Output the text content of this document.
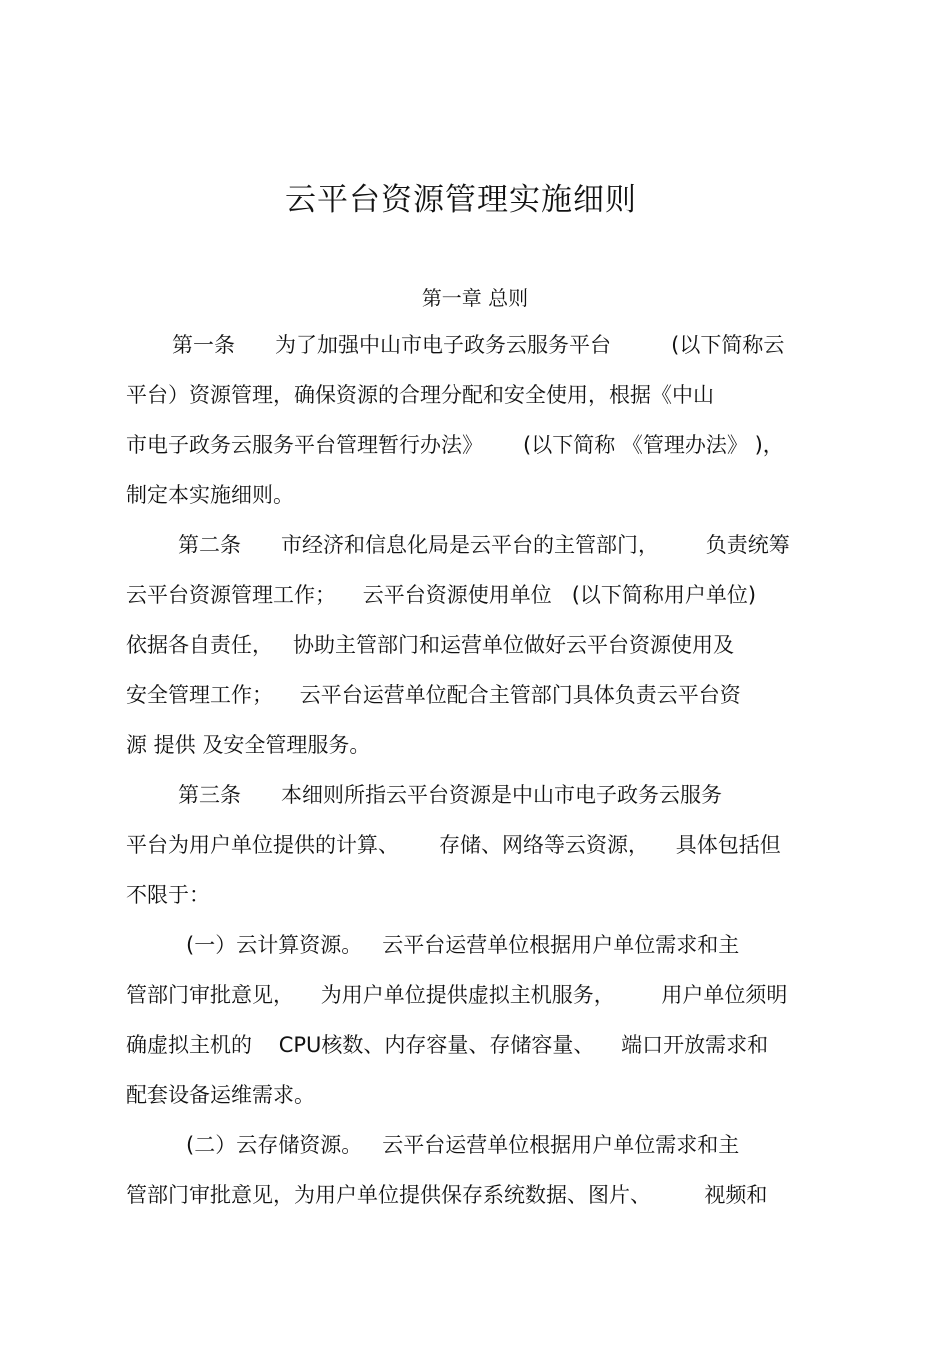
云平台资源管理实施细则
第一章 总则
第一条      为了加强中山市电子政务云服务平台         (以下简称云
平台）资源管理，确保资源的合理分配和安全使用，根据《中山
市电子政务云服务平台管理暂行办法》      (以下简称 《管理办法》 )，
制定本实施细则。
第二条      市经济和信息化局是云平台的主管部门，       负责统筹
云平台资源管理工作；    云平台资源使用单位   (以下简称用户单位)
依据各自责任，   协助主管部门和运营单位做好云平台资源使用及
安全管理工作；    云平台运营单位配合主管部门具体负责云平台资
源 提供 及安全管理服务。
第三条      本细则所指云平台资源是中山市电子政务云服务
平台为用户单位提供的计算、      存储、网络等云资源，    具体包括但
不限于：
(一）云计算资源。   云平台运营单位根据用户单位需求和主
管部门审批意见，    为用户单位提供虚拟主机服务，       用户单位须明
确虚拟主机的    CPU核数、内存容量、存储容量、    端口开放需求和
配套设备运维需求。
(二）云存储资源。   云平台运营单位根据用户单位需求和主
管部门审批意见，为用户单位提供保存系统数据、图片、        视频和
